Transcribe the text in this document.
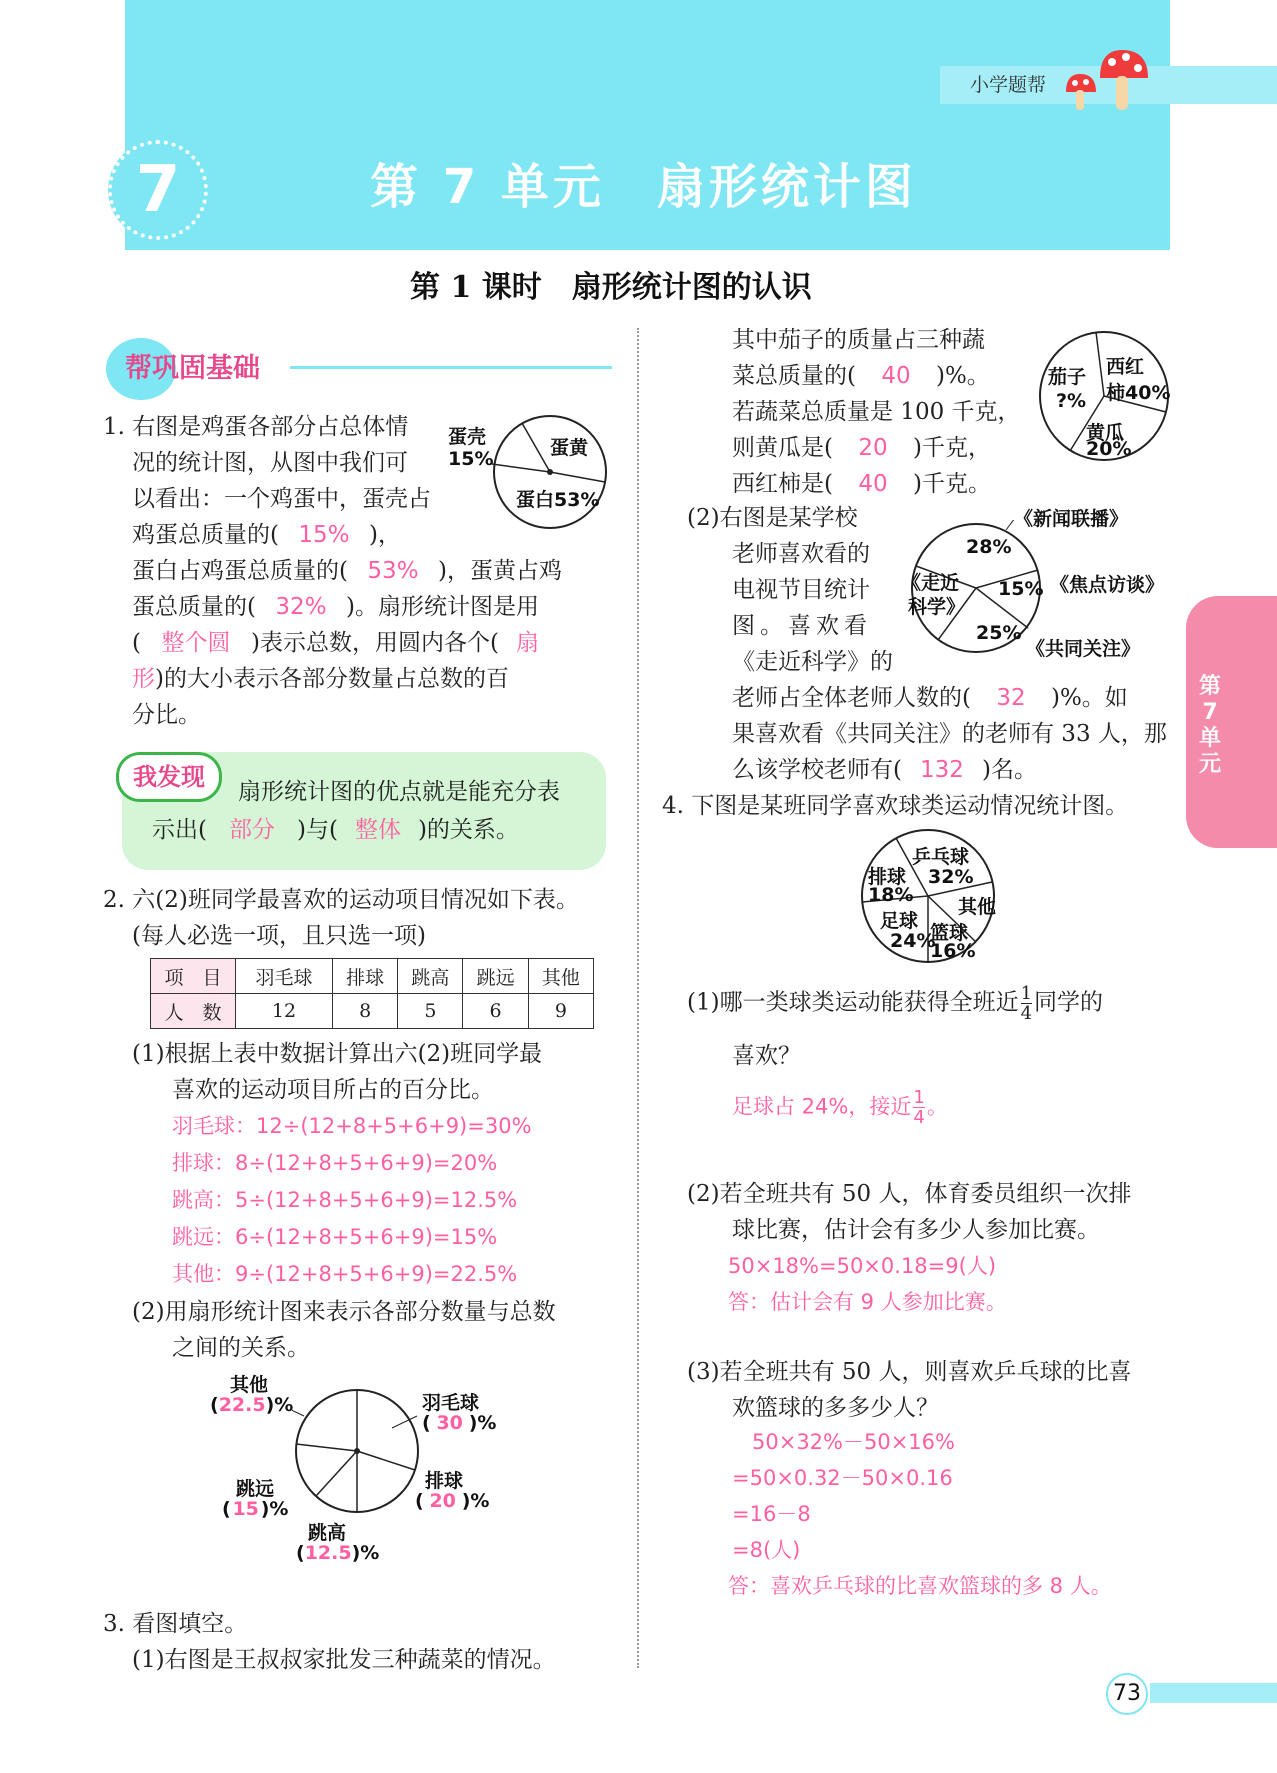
小学题帮
7	第 7 单元　扇形统计图
第 1 课时　扇形统计图的认识
帮巩固基础
1. 右图是鸡蛋各部分占总体情
况的统计图，从图中我们可
以看出：一个鸡蛋中，蛋壳占
鸡蛋总质量的( 15% )，
蛋白占鸡蛋总质量的( 53% )，蛋黄占鸡
蛋总质量的( 32% )。扇形统计图是用
( 整个圆 )表示总数，用圆内各个( 扇
形)的大小表示各部分数量占总数的百
分比。
蛋壳
15%	蛋黄
蛋白53%
我发现
扇形统计图的优点就是能充分表
示出( 部分 )与( 整体 )的关系。
2. 六(2)班同学最喜欢的运动项目情况如下表。
(每人必选一项，且只选一项)
项　目	羽毛球	排球	跳高	跳远	其他
人　数	12	8	5	6	9
(1)根据上表中数据计算出六(2)班同学最
喜欢的运动项目所占的百分比。
羽毛球：12÷(12+8+5+6+9)=30%
排球：8÷(12+8+5+6+9)=20%
跳高：5÷(12+8+5+6+9)=12.5%
跳远：6÷(12+8+5+6+9)=15%
其他：9÷(12+8+5+6+9)=22.5%
(2)用扇形统计图来表示各部分数量与总数
之间的关系。
其他
(22.5)%	羽毛球
( 30 )%
排球
( 20 )%
跳远
(15)%
跳高
(12.5)%
3. 看图填空。
(1)右图是王叔叔家批发三种蔬菜的情况。
其中茄子的质量占三种蔬
菜总质量的( 40 )%。
若蔬菜总质量是 100 千克，
则黄瓜是( 20 )千克，
西红柿是( 40 )千克。
茄子
?%
西红
柿40%
黄瓜
20%
(2)右图是某学校
老师喜欢看的
电视节目统计
图。喜欢看
《走近科学》的
老师占全体老师人数的( 32 )%。如
果喜欢看《共同关注》的老师有 33 人，那
么该学校老师有( 132 )名。
《新闻联播》
28%
《走近
科学》
15% 《焦点访谈》
25%
《共同关注》
4. 下图是某班同学喜欢球类运动情况统计图。
乒乓球
32%
排球
18%
其他
足球
24%
篮球
16%
(1)哪一类球类运动能获得全班近 $\frac{1}{4}$ 同学的
喜欢？
足球占 24%，接近 $\frac{1}{4}$ 。
(2)若全班共有 50 人，体育委员组织一次排
球比赛，估计会有多少人参加比赛。
50×18%=50×0.18=9(人)
答：估计会有 9 人参加比赛。
(3)若全班共有 50 人，则喜欢乒乓球的比喜
欢篮球的多多少人？
50×32%－50×16%
=50×0.32－50×0.16
=16－8
=8(人)
答：喜欢乒乓球的比喜欢篮球的多 8 人。
第7单元
73
